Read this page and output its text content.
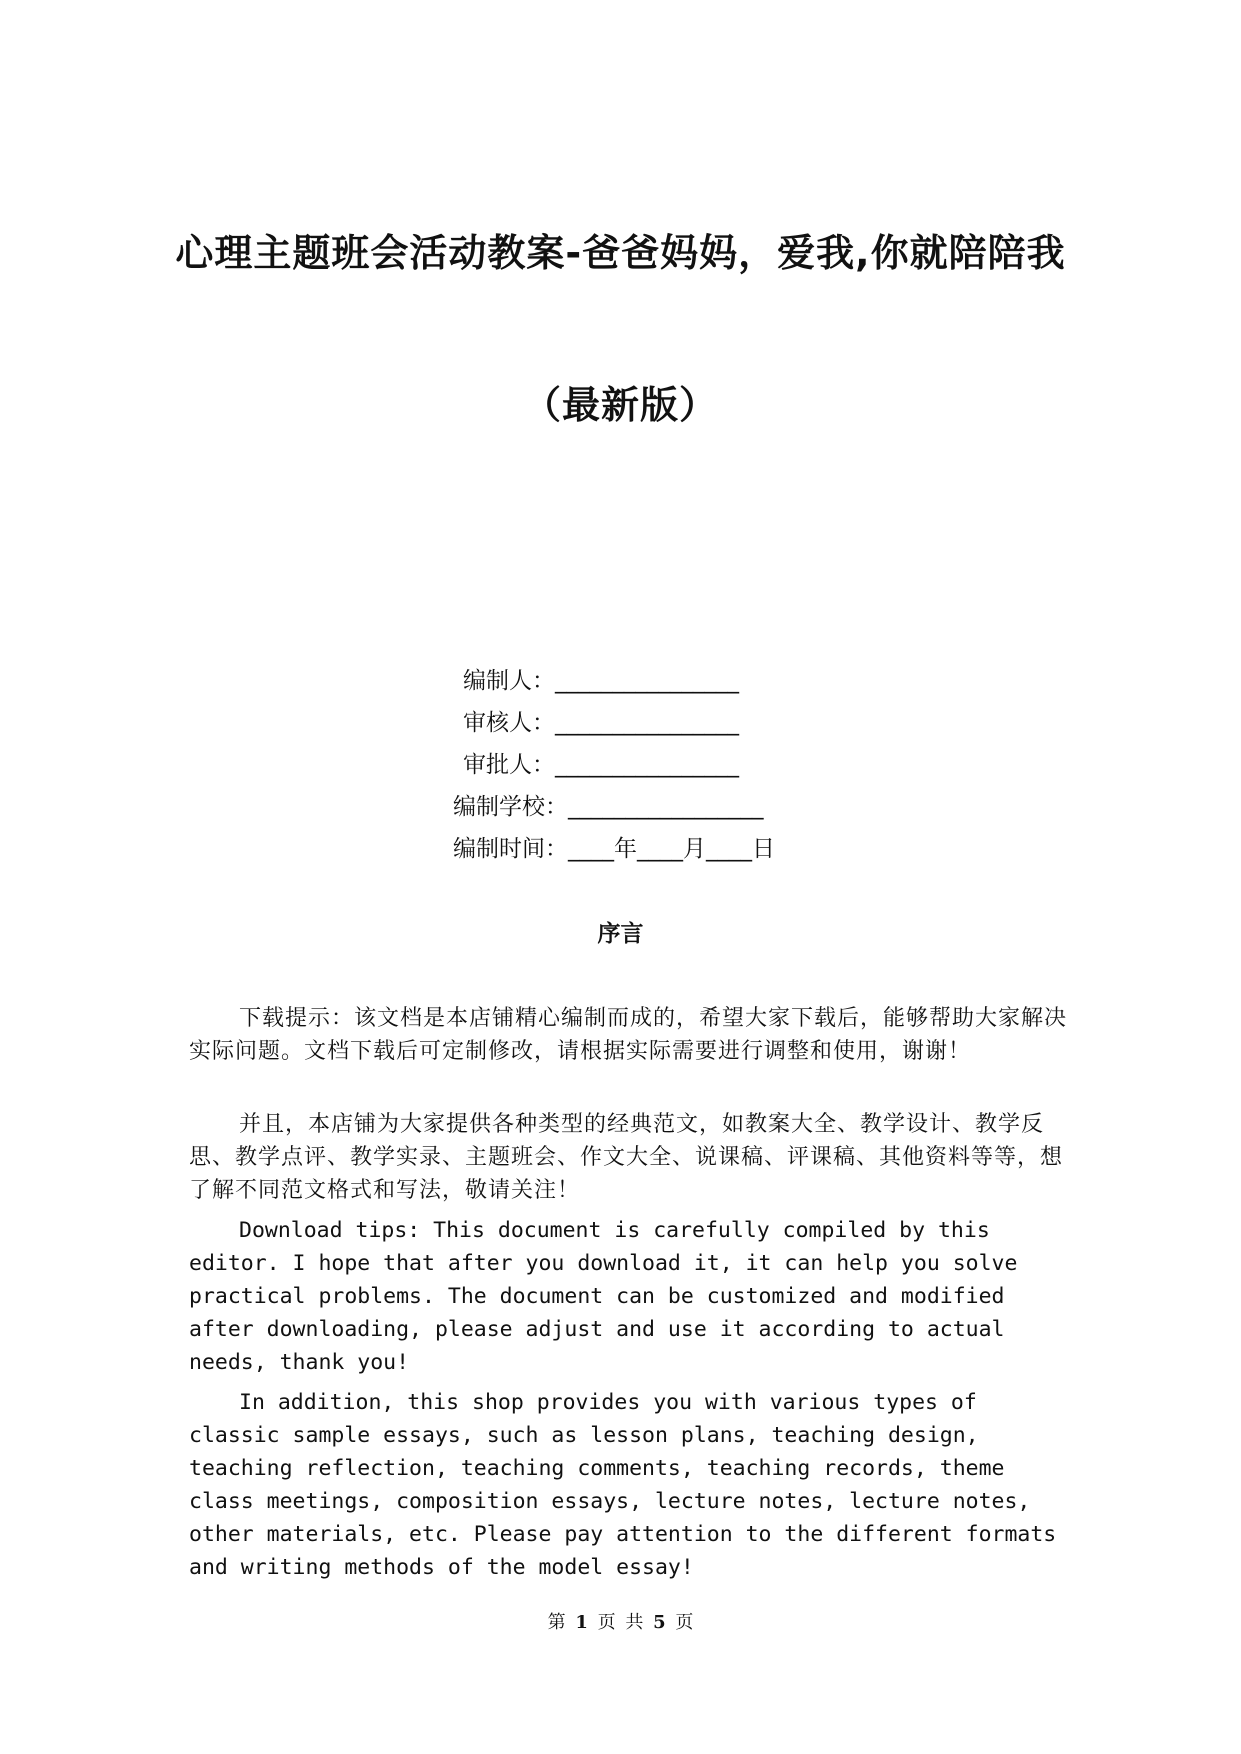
心理主题班会活动教案-爸爸妈妈，爱我,你就陪陪我
（最新版）
编制人：________________
审核人：________________
审批人：________________
编制学校：_________________
编制时间：____年____月____日
序言

下载提示：该文档是本店铺精心编制而成的，希望大家下载后，能够帮助大家解决实际问题。文档下载后可定制修改，请根据实际需要进行调整和使用，谢谢！

并且，本店铺为大家提供各种类型的经典范文，如教案大全、教学设计、教学反思、教学点评、教学实录、主题班会、作文大全、说课稿、评课稿、其他资料等等，想了解不同范文格式和写法，敬请关注！

Download tips: This document is carefully compiled by this editor. I hope that after you download it, it can help you solve practical problems. The document can be customized and modified after downloading, please adjust and use it according to actual needs, thank you!

In addition, this shop provides you with various types of classic sample essays, such as lesson plans, teaching design, teaching reflection, teaching comments, teaching records, theme class meetings, composition essays, lecture notes, lecture notes, other materials, etc. Please pay attention to the different formats and writing methods of the model essay!

第 1 页 共 5 页
